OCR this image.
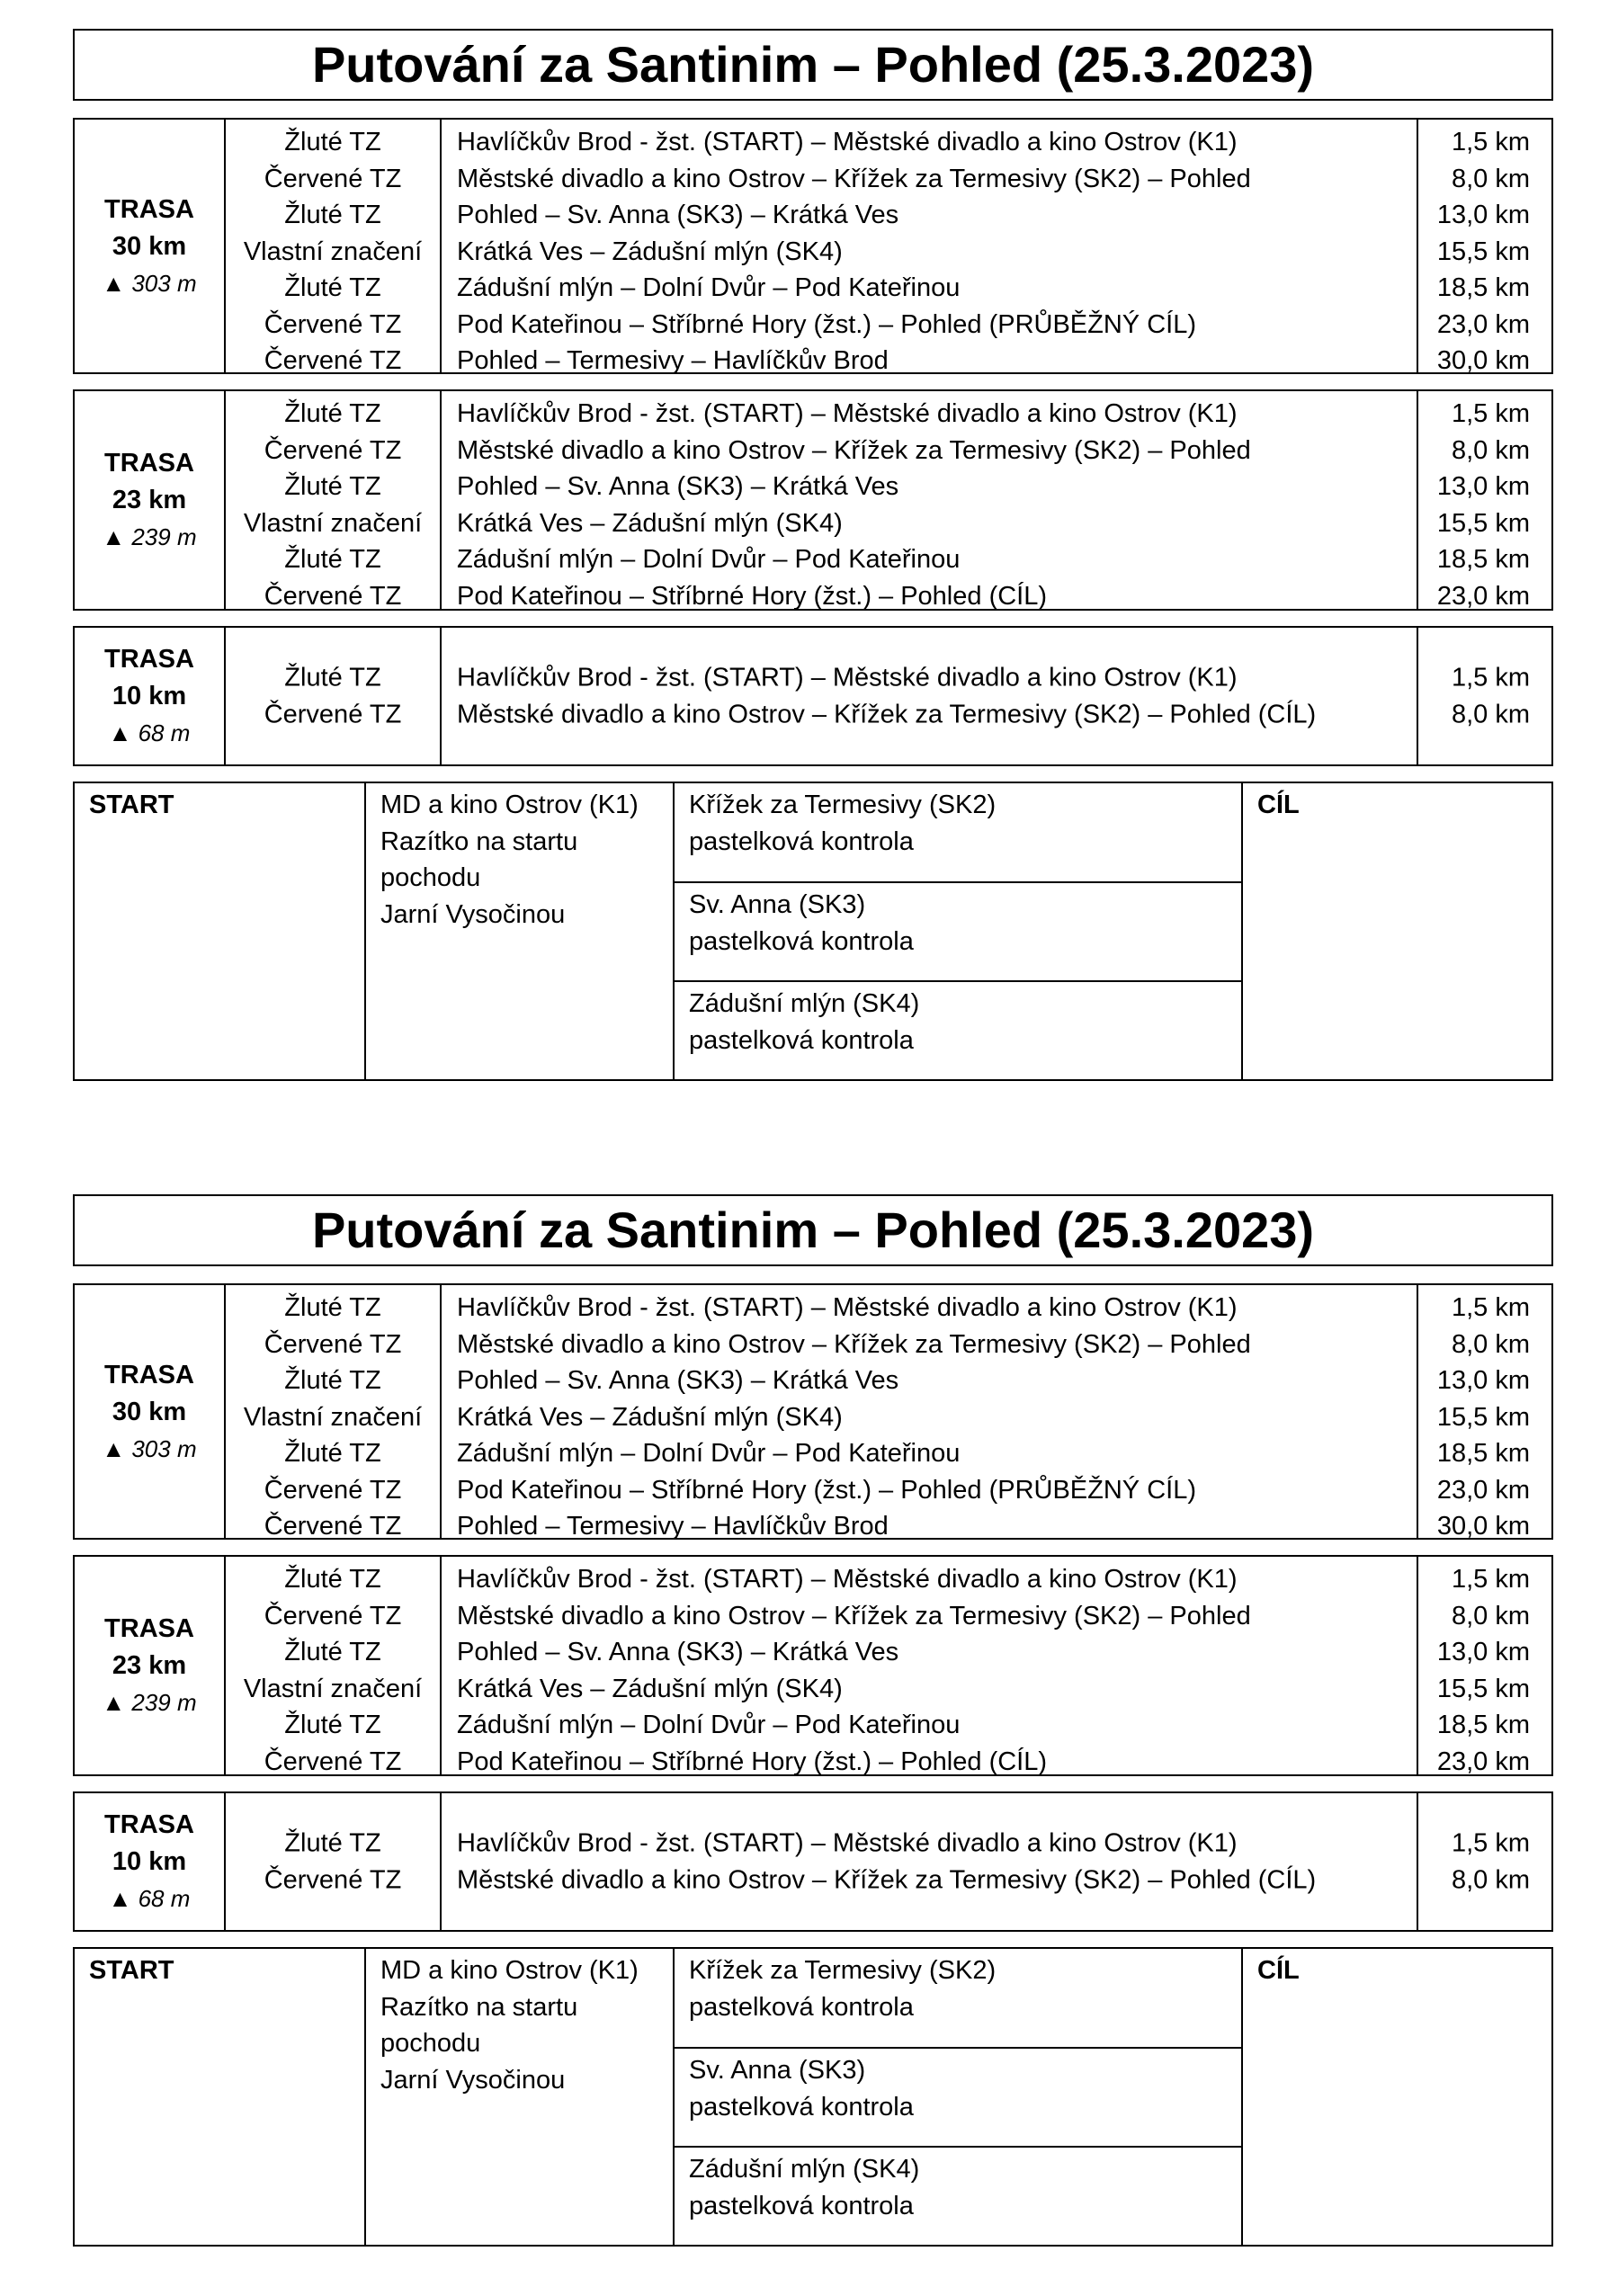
Putování za Santinim – Pohled (25.3.2023)
TRASA
30 km
▲ 303 m
Žluté TZ
Červené TZ
Žluté TZ
Vlastní značení
Žluté TZ
Červené TZ
Červené TZ
Havlíčkův Brod - žst. (START) – Městské divadlo a kino Ostrov (K1)
Městské divadlo a kino Ostrov – Křížek za Termesivy (SK2) – Pohled
Pohled – Sv. Anna (SK3) – Krátká Ves
Krátká Ves – Zádušní mlýn (SK4)
Zádušní mlýn – Dolní Dvůr – Pod Kateřinou
Pod Kateřinou – Stříbrné Hory (žst.) – Pohled (PRŮBĚŽNÝ CÍL)
Pohled – Termesivy – Havlíčkův Brod
1,5 km
8,0 km
13,0 km
15,5 km
18,5 km
23,0 km
30,0 km
TRASA
23 km
▲ 239 m
Žluté TZ
Červené TZ
Žluté TZ
Vlastní značení
Žluté TZ
Červené TZ
Havlíčkův Brod - žst. (START) – Městské divadlo a kino Ostrov (K1)
Městské divadlo a kino Ostrov – Křížek za Termesivy (SK2) – Pohled
Pohled – Sv. Anna (SK3) – Krátká Ves
Krátká Ves – Zádušní mlýn (SK4)
Zádušní mlýn – Dolní Dvůr – Pod Kateřinou
Pod Kateřinou – Stříbrné Hory (žst.) – Pohled (CÍL)
1,5 km
8,0 km
13,0 km
15,5 km
18,5 km
23,0 km
TRASA
10 km
▲ 68 m
Žluté TZ
Červené TZ
Havlíčkův Brod - žst. (START) – Městské divadlo a kino Ostrov (K1)
Městské divadlo a kino Ostrov – Křížek za Termesivy (SK2) – Pohled (CÍL)
1,5 km
8,0 km
START	MD a kino Ostrov (K1)
Razítko na startu
pochodu
Jarní Vysočinou
Křížek za Termesivy (SK2)
pastelková kontrola
Sv. Anna (SK3)
pastelková kontrola
Zádušní mlýn (SK4)
pastelková kontrola
CÍL
Putování za Santinim – Pohled (25.3.2023)
TRASA
30 km
▲ 303 m
Žluté TZ
Červené TZ
Žluté TZ
Vlastní značení
Žluté TZ
Červené TZ
Červené TZ
Havlíčkův Brod - žst. (START) – Městské divadlo a kino Ostrov (K1)
Městské divadlo a kino Ostrov – Křížek za Termesivy (SK2) – Pohled
Pohled – Sv. Anna (SK3) – Krátká Ves
Krátká Ves – Zádušní mlýn (SK4)
Zádušní mlýn – Dolní Dvůr – Pod Kateřinou
Pod Kateřinou – Stříbrné Hory (žst.) – Pohled (PRŮBĚŽNÝ CÍL)
Pohled – Termesivy – Havlíčkův Brod
1,5 km
8,0 km
13,0 km
15,5 km
18,5 km
23,0 km
30,0 km
TRASA
23 km
▲ 239 m
Žluté TZ
Červené TZ
Žluté TZ
Vlastní značení
Žluté TZ
Červené TZ
Havlíčkův Brod - žst. (START) – Městské divadlo a kino Ostrov (K1)
Městské divadlo a kino Ostrov – Křížek za Termesivy (SK2) – Pohled
Pohled – Sv. Anna (SK3) – Krátká Ves
Krátká Ves – Zádušní mlýn (SK4)
Zádušní mlýn – Dolní Dvůr – Pod Kateřinou
Pod Kateřinou – Stříbrné Hory (žst.) – Pohled (CÍL)
1,5 km
8,0 km
13,0 km
15,5 km
18,5 km
23,0 km
TRASA
10 km
▲ 68 m
Žluté TZ
Červené TZ
Havlíčkův Brod - žst. (START) – Městské divadlo a kino Ostrov (K1)
Městské divadlo a kino Ostrov – Křížek za Termesivy (SK2) – Pohled (CÍL)
1,5 km
8,0 km
START	MD a kino Ostrov (K1)
Razítko na startu
pochodu
Jarní Vysočinou
Křížek za Termesivy (SK2)
pastelková kontrola
Sv. Anna (SK3)
pastelková kontrola
Zádušní mlýn (SK4)
pastelková kontrola
CÍL
